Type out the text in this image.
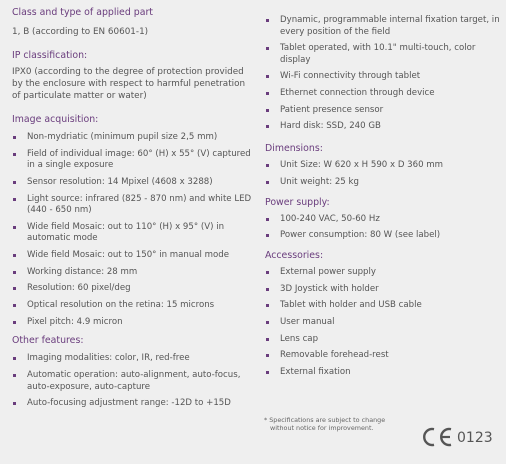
Class and type of applied part

1, B (according to EN 60601-1)

IP classification:

IPX0 (according to the degree of protection provided by the enclosure with respect to harmful penetration of particulate matter or water)

Image acquisition:

Non-mydriatic (minimum pupil size 2,5 mm)
Field of individual image: 60° (H) x 55° (V) captured in a single exposure
Sensor resolution: 14 Mpixel (4608 x 3288)
Light source: infrared (825 - 870 nm) and white LED (440 - 650 nm)
Wide field Mosaic: out to 110° (H) x 95° (V) in automatic mode
Wide field Mosaic: out to 150° in manual mode
Working distance: 28 mm
Resolution: 60 pixel/deg
Optical resolution on the retina: 15 microns
Pixel pitch: 4.9 micron

Other features:

Imaging modalities: color, IR, red-free
Automatic operation: auto-alignment, auto-focus, auto-exposure, auto-capture
Auto-focusing adjustment range: -12D to +15D
Dynamic, programmable internal fixation target, in every position of the field
Tablet operated, with 10.1" multi-touch, color display
Wi-Fi connectivity through tablet
Ethernet connection through device
Patient presence sensor
Hard disk: SSD, 240 GB

Dimensions:

Unit Size: W 620 x H 590 x D 360 mm
Unit weight: 25 kg

Power supply:

100-240 VAC, 50-60 Hz
Power consumption: 80 W (see label)

Accessories:

External power supply
3D Joystick with holder
Tablet with holder and USB cable
User manual
Lens cap
Removable forehead-rest
External fixation
* Specifications are subject to change
without notice for improvement.
0123
